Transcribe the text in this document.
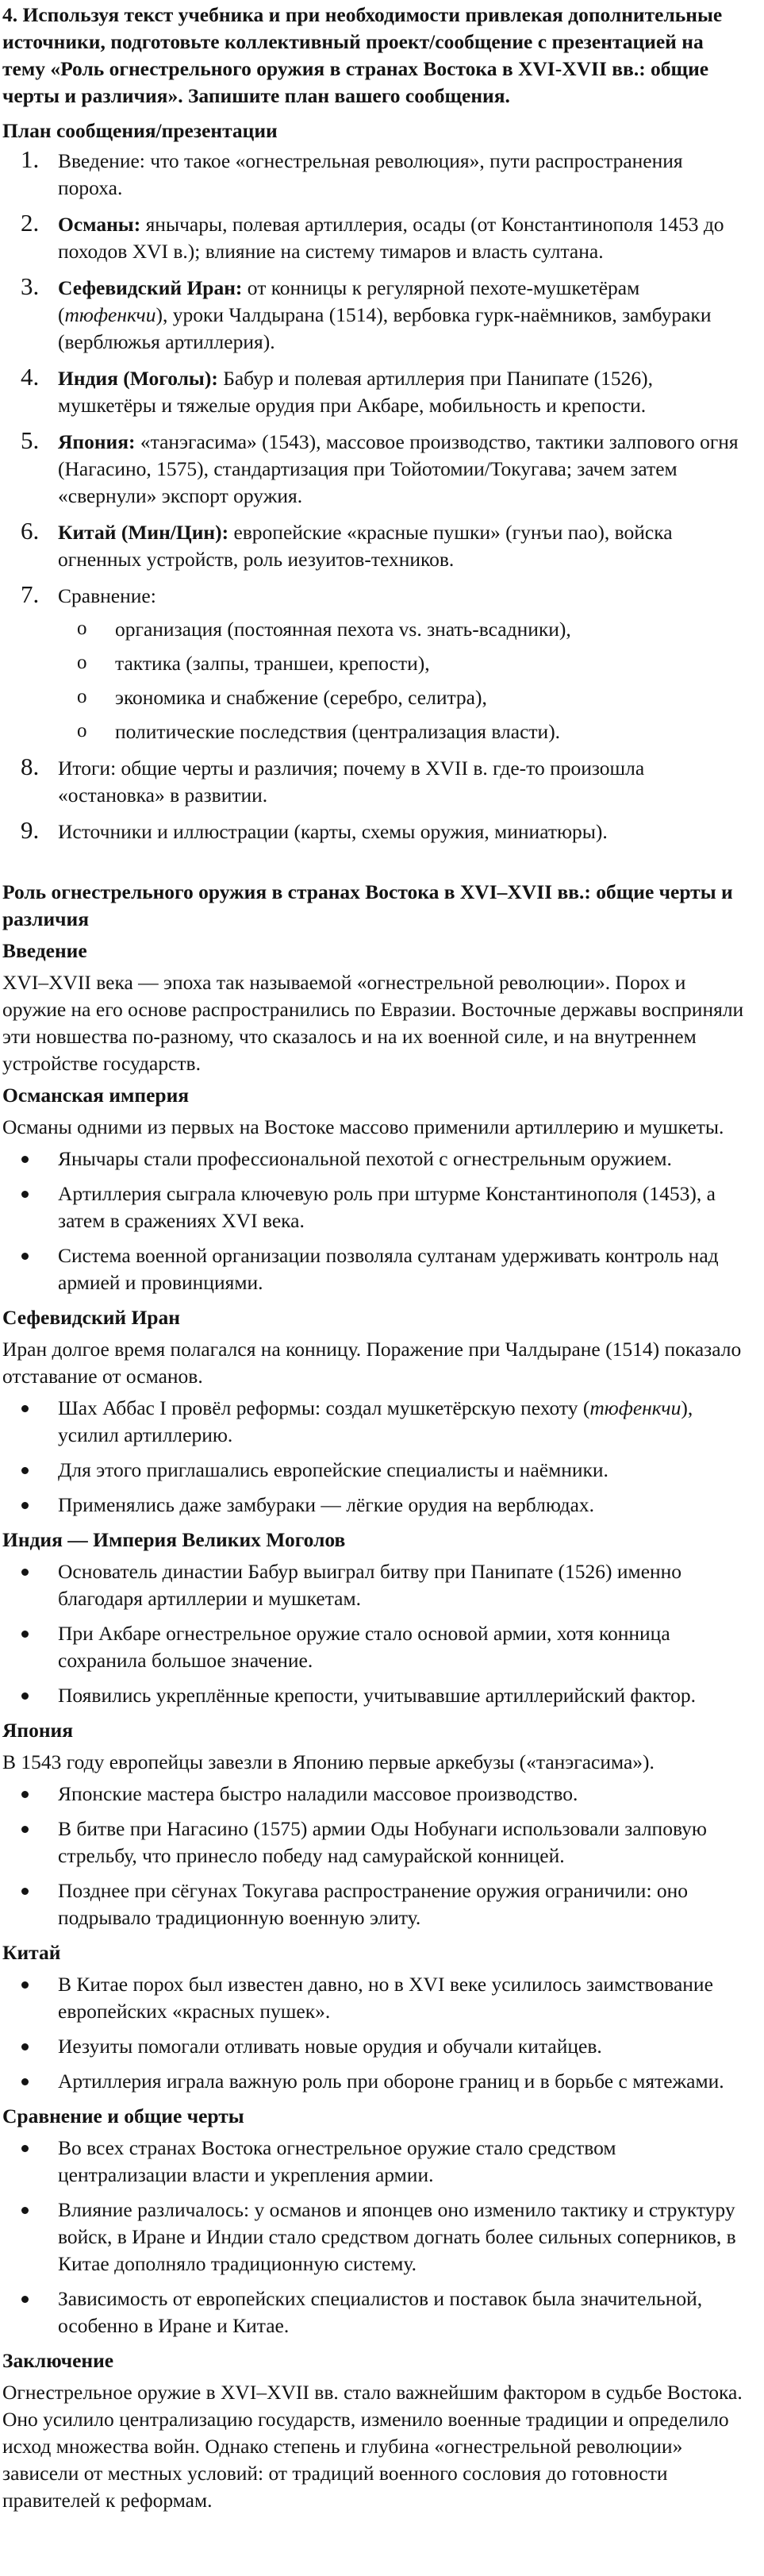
4. Используя текст учебника и при необходимости привлекая дополнительные источники, подготовьте коллективный проект/сообщение с презентацией на тему «Роль огнестрельного оружия в странах Востока в XVI-XVII вв.: общие черты и различия». Запишите план вашего сообщения.

План сообщения/презентации
1. Введение: что такое «огнестрельная революция», пути распространения пороха.
2. Османы: янычары, полевая артиллерия, осады (от Константинополя 1453 до походов XVI в.); влияние на систему тимаров и власть султана.
3. Сефевидский Иран: от конницы к регулярной пехоте-мушкетёрам (тюфенкчи), уроки Чалдырана (1514), вербовка гурк-наёмников, замбураки (верблюжья артиллерия).
4. Индия (Моголы): Бабур и полевая артиллерия при Панипате (1526), мушкетёры и тяжелые орудия при Акбаре, мобильность и крепости.
5. Япония: «танэгасима» (1543), массовое производство, тактики залпового огня (Нагасино, 1575), стандартизация при Тойотомии/Токугава; зачем затем «свернули» экспорт оружия.
6. Китай (Мин/Цин): европейские «красные пушки» (гунъи пао), войска огненных устройств, роль иезуитов-техников.
7. Сравнение:
o организация (постоянная пехота vs. знать-всадники),
o тактика (залпы, траншеи, крепости),
o экономика и снабжение (серебро, селитра),
o политические последствия (централизация власти).
8. Итоги: общие черты и различия; почему в XVII в. где-то произошла «остановка» в развитии.
9. Источники и иллюстрации (карты, схемы оружия, миниатюры).
Роль огнестрельного оружия в странах Востока в XVI–XVII вв.: общие черты и различия
Введение

XVI–XVII века — эпоха так называемой «огнестрельной революции». Порох и оружие на его основе распространились по Евразии. Восточные державы восприняли эти новшества по-разному, что сказалось и на их военной силе, и на внутреннем устройстве государств.

Османская империя

Османы одними из первых на Востоке массово применили артиллерию и мушкеты.

Янычары стали профессиональной пехотой с огнестрельным оружием.
Артиллерия сыграла ключевую роль при штурме Константинополя (1453), а затем в сражениях XVI века.
Система военной организации позволяла султанам удерживать контроль над армией и провинциями.
Сефевидский Иран

Иран долгое время полагался на конницу. Поражение при Чалдыране (1514) показало отставание от османов.

Шах Аббас I провёл реформы: создал мушкетёрскую пехоту (тюфенкчи), усилил артиллерию.
Для этого приглашались европейские специалисты и наёмники.
Применялись даже замбураки — лёгкие орудия на верблюдах.
Индия — Империя Великих Моголов
Основатель династии Бабур выиграл битву при Панипате (1526) именно благодаря артиллерии и мушкетам.
При Акбаре огнестрельное оружие стало основой армии, хотя конница сохранила большое значение.
Появились укреплённые крепости, учитывавшие артиллерийский фактор.
Япония

В 1543 году европейцы завезли в Японию первые аркебузы («танэгасима»).

Японские мастера быстро наладили массовое производство.
В битве при Нагасино (1575) армии Оды Нобунаги использовали залповую стрельбу, что принесло победу над самурайской конницей.
Позднее при сёгунах Токугава распространение оружия ограничили: оно подрывало традиционную военную элиту.
Китай
В Китае порох был известен давно, но в XVI веке усилилось заимствование европейских «красных пушек».
Иезуиты помогали отливать новые орудия и обучали китайцев.
Артиллерия играла важную роль при обороне границ и в борьбе с мятежами.
Сравнение и общие черты
Во всех странах Востока огнестрельное оружие стало средством централизации власти и укрепления армии.
Влияние различалось: у османов и японцев оно изменило тактику и структуру войск, в Иране и Индии стало средством догнать более сильных соперников, в Китае дополняло традиционную систему.
Зависимость от европейских специалистов и поставок была значительной, особенно в Иране и Китае.
Заключение

Огнестрельное оружие в XVI–XVII вв. стало важнейшим фактором в судьбе Востока. Оно усилило централизацию государств, изменило военные традиции и определило исход множества войн. Однако степень и глубина «огнестрельной революции» зависели от местных условий: от традиций военного сословия до готовности правителей к реформам.
